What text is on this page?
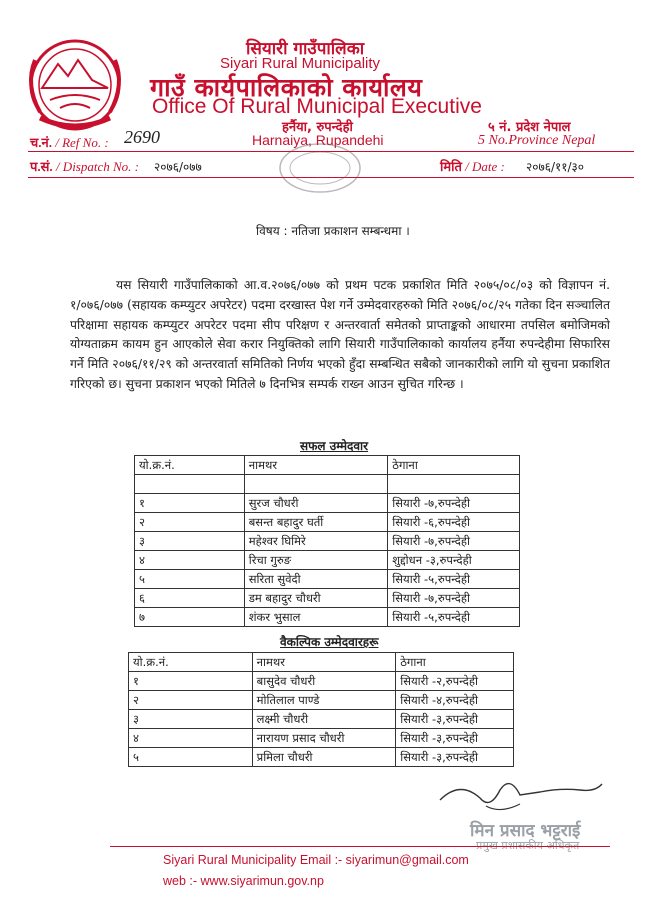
सियारी गाउँपालिका
Siyari Rural Municipality
गाउँ कार्यपालिकाको कार्यालय
Office Of Rural Municipal Executive
हर्नैया, रुपन्देही
Harnaiya, Rupandehi
५ नं. प्रदेश नेपाल
5 No.Province Nepal
च.नं. / Ref No. : 2690
प.सं. / Dispatch No. : २०७६/०७७	मिति / Date : २०७६/११/३०
विषय : नतिजा प्रकाशन सम्बन्धमा ।
यस सियारी गाउँपालिकाको आ.व.२०७६/०७७ को प्रथम पटक प्रकाशित मिति २०७५/०८/०३ को विज्ञापन नं. १/०७६/०७७ (सहायक कम्प्युटर अपरेटर) पदमा दरखास्त पेश गर्ने उम्मेदवारहरुको मिति २०७६/०८/२५ गतेका दिन सञ्चालित परिक्षामा सहायक कम्प्युटर अपरेटर पदमा सीप परिक्षण र अन्तरवार्ता समेतको प्राप्ताङ्कको आधारमा तपसिल बमोजिमको योग्यताक्रम कायम हुन आएकोले सेवा करार नियुक्तिको लागि सियारी गाउँपालिकाको कार्यालय हर्नैया रुपन्देहीमा सिफारिस गर्ने मिति २०७६/११/२९ को अन्तरवार्ता समितिको निर्णय भएको हुँदा सम्बन्धित सबैको जानकारीको लागि यो सुचना प्रकाशित गरिएको छ। सुचना प्रकाशन भएको मितिले ७ दिनभित्र सम्पर्क राख्न आउन सुचित गरिन्छ ।
सफल उम्मेदवार
यो.क्र.नं.	नामथर	ठेगाना

१	सुरज चौधरी	सियारी -७,रुपन्देही
२	बसन्त बहादुर घर्ती	सियारी -६,रुपन्देही
३	महेश्वर घिमिरे	सियारी -७,रुपन्देही
४	रिचा गुरुङ	शुद्दोधन -३,रुपन्देही
५	सरिता सुवेदी	सियारी -५,रुपन्देही
६	डम बहादुर चौधरी	सियारी -७,रुपन्देही
७	शंकर भुसाल	सियारी -५,रुपन्देही
वैकल्पिक उम्मेदवारहरू
यो.क्र.नं.	नामथर	ठेगाना
१	बासुदेव चौधरी	सियारी -२,रुपन्देही
२	मोतिलाल पाण्डे	सियारी -४,रुपन्देही
३	लक्ष्मी चौधरी	सियारी -३,रुपन्देही
४	नारायण प्रसाद चौधरी	सियारी -३,रुपन्देही
५	प्रमिला चौधरी	सियारी -३,रुपन्देही
मिन प्रसाद भट्टराई
प्रमुख प्रशासकीय अधिकृत
Siyari Rural Municipality Email :- siyarimun@gmail.com
web :- www.siyarimun.gov.np
